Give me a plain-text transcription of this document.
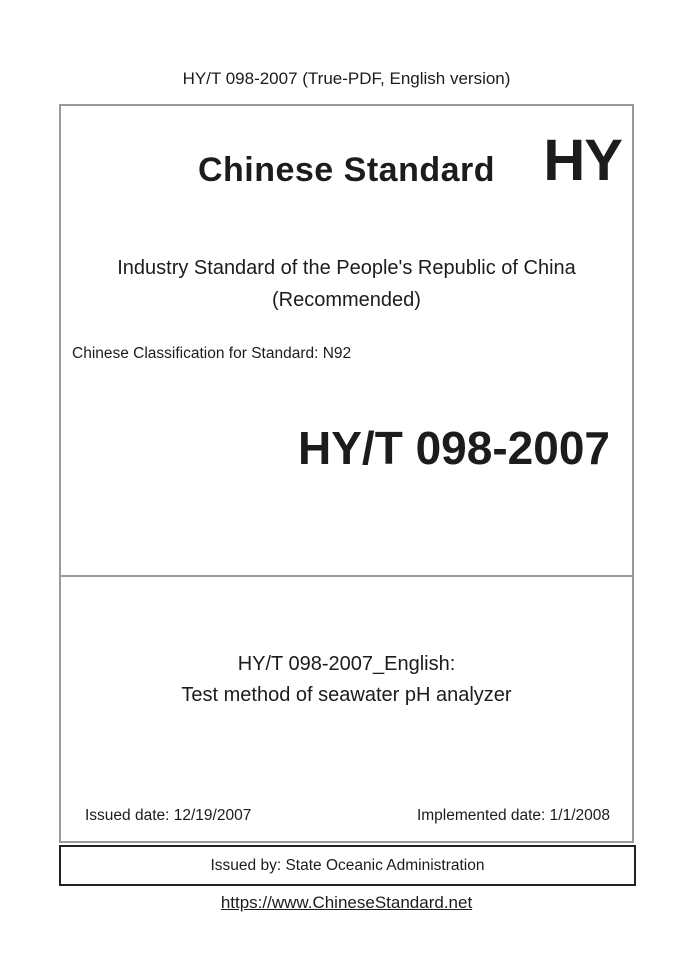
HY/T 098-2007 (True-PDF, English version)
Chinese Standard HY
Industry Standard of the People's Republic of China
(Recommended)
Chinese Classification for Standard: N92
HY/T 098-2007
HY/T 098-2007_English:
Test method of seawater pH analyzer
Issued date: 12/19/2007	Implemented date: 1/1/2008
Issued by: State Oceanic Administration
https://www.ChineseStandard.net
